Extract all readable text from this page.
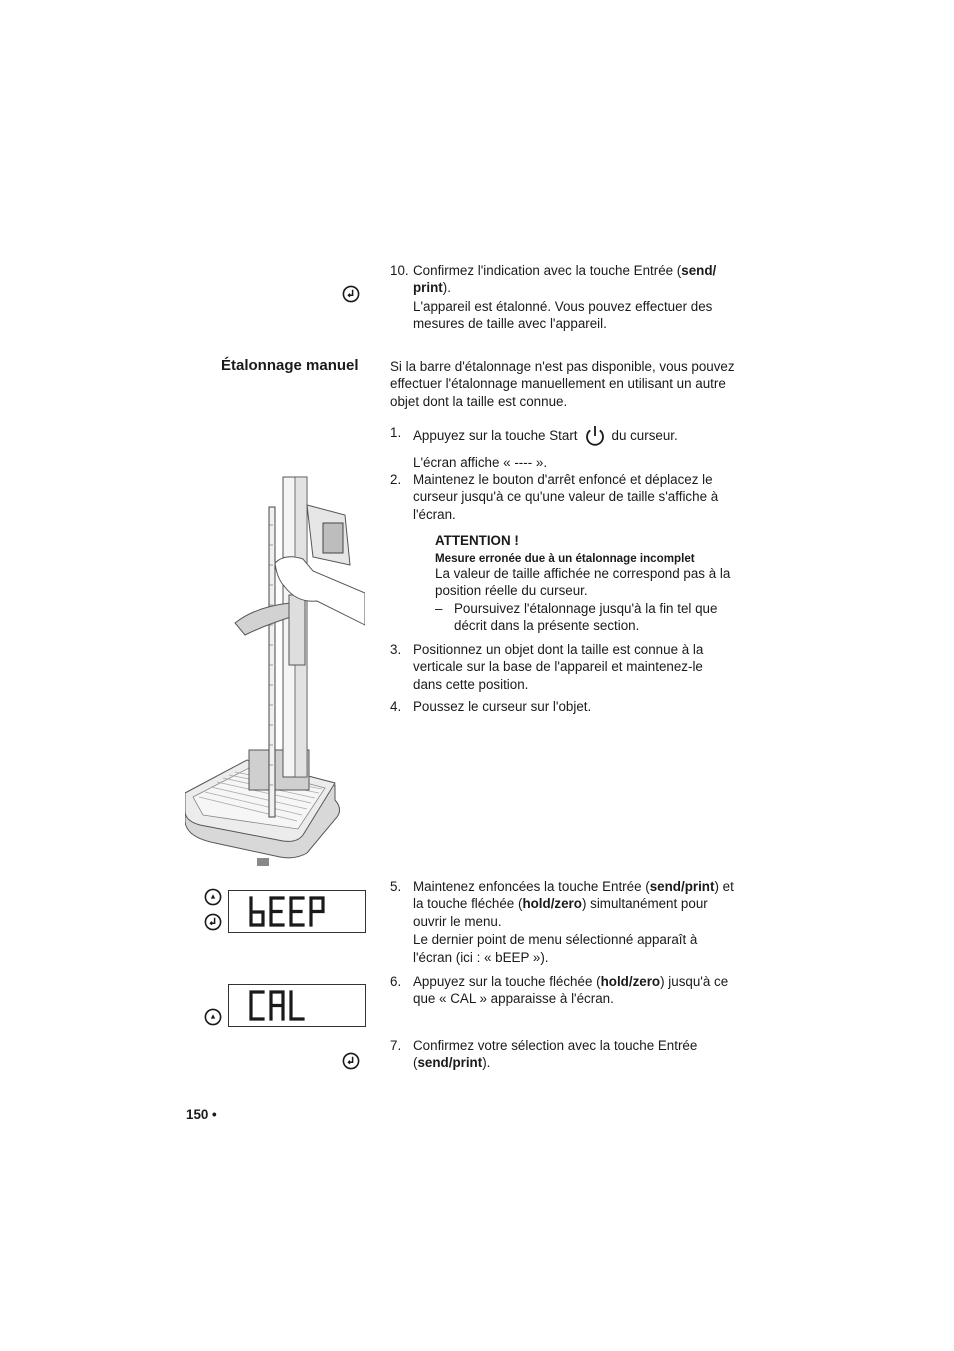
10. Confirmez l'indication avec la touche Entrée (send/
print).

L'appareil est étalonné. Vous pouvez effectuer des mesures de taille avec l'appareil.

Étalonnage manuel Si la barre d'étalonnage n'est pas disponible, vous pouvez effectuer l'étalonnage manuellement en utilisant un autre objet dont la taille est connue.
1. Appuyez sur la touche Start	du curseur.

L'écran affiche « ---- ».

2. Maintenez le bouton d'arrêt enfoncé et déplacez le curseur jusqu'à ce qu'une valeur de taille s'affiche à l'écran.

ATTENTION !
Mesure erronée due à un étalonnage incomplet
La valeur de taille affichée ne correspond pas à la position réelle du curseur.
– Poursuivez l'étalonnage jusqu'à la fin tel que décrit dans la présente section.
3. Positionnez un objet dont la taille est connue à la verticale sur la base de l'appareil et maintenez-le dans cette position.

4. Poussez le curseur sur l'objet.

5. Maintenez enfoncées la touche Entrée (send/print) et la touche fléchée (hold/zero) simultanément pour ouvrir le menu.

Le dernier point de menu sélectionné apparaît à l'écran (ici : « bEEP »).

6. Appuyez sur la touche fléchée (hold/zero) jusqu'à ce que « CAL » apparaisse à l'écran.

7. Confirmez votre sélection avec la touche Entrée (send/print).

150 •
